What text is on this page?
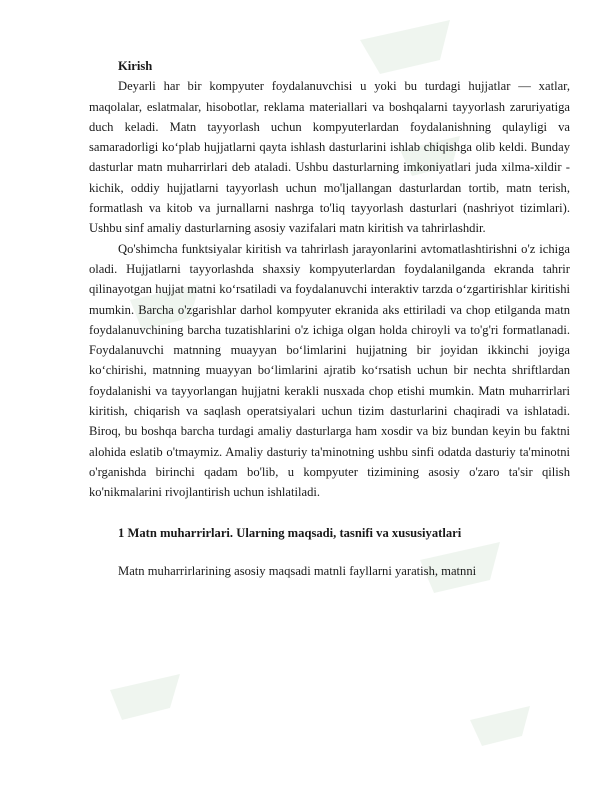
Kirish

Deyarli har bir kompyuter foydalanuvchisi u yoki bu turdagi hujjatlar — xatlar, maqolalar, eslatmalar, hisobotlar, reklama materiallari va boshqalarni tayyorlash zaruriyatiga duch keladi. Matn tayyorlash uchun kompyuterlardan foydalanishning qulayligi va samaradorligi ko‘plab hujjatlarni qayta ishlash dasturlarini ishlab chiqishga olib keldi. Bunday dasturlar matn muharrirlari deb ataladi. Ushbu dasturlarning imkoniyatlari juda xilma-xildir - kichik, oddiy hujjatlarni tayyorlash uchun mo'ljallangan dasturlardan tortib, matn terish, formatlash va kitob va jurnallarni nashrga to'liq tayyorlash dasturlari (nashriyot tizimlari). Ushbu sinf amaliy dasturlarning asosiy vazifalari matn kiritish va tahrirlashdir.

Qo'shimcha funktsiyalar kiritish va tahrirlash jarayonlarini avtomatlashtirishni o'z ichiga oladi. Hujjatlarni tayyorlashda shaxsiy kompyuterlardan foydalanilganda ekranda tahrir qilinayotgan hujjat matni ko‘rsatiladi va foydalanuvchi interaktiv tarzda o‘zgartirishlar kiritishi mumkin. Barcha o'zgarishlar darhol kompyuter ekranida aks ettiriladi va chop etilganda matn foydalanuvchining barcha tuzatishlarini o'z ichiga olgan holda chiroyli va to'g'ri formatlanadi. Foydalanuvchi matnning muayyan bo‘limlarini hujjatning bir joyidan ikkinchi joyiga ko‘chirishi, matnning muayyan bo‘limlarini ajratib ko‘rsatish uchun bir nechta shriftlardan foydalanishi va tayyorlangan hujjatni kerakli nusxada chop etishi mumkin. Matn muharrirlari kiritish, chiqarish va saqlash operatsiyalari uchun tizim dasturlarini chaqiradi va ishlatadi. Biroq, bu boshqa barcha turdagi amaliy dasturlarga ham xosdir va biz bundan keyin bu faktni alohida eslatib o'tmaymiz. Amaliy dasturiy ta'minotning ushbu sinfi odatda dasturiy ta'minotni o'rganishda birinchi qadam bo'lib, u kompyuter tizimining asosiy o'zaro ta'sir qilish ko'nikmalarini rivojlantirish uchun ishlatiladi.

1 Matn muharrirlari. Ularning maqsadi, tasnifi va xususiyatlari

Matn muharrirlarining asosiy maqsadi matnli fayllarni yaratish, matnni
